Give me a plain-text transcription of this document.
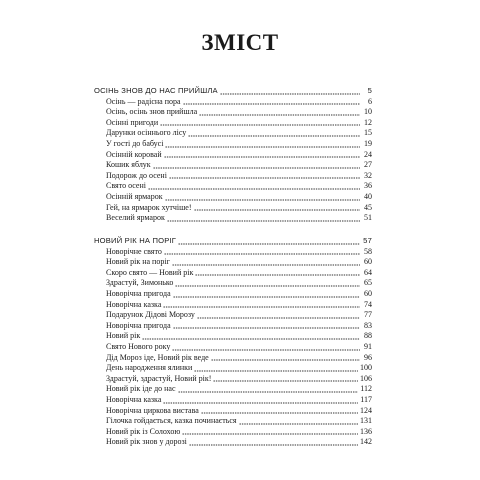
ЗМІСТ
ОСІНЬ ЗНОВ ДО НАС ПРИЙШЛА	5
Осінь — радісна пора	6
Осінь, осінь знов прийшла	10
Осінні пригоди	12
Дарунки осіннього лісу	15
У гості до бабусі	19
Осінній коровай	24
Кошик яблук	27
Подорож до осені	32
Свято осені	36
Осінній ярмарок	40
Гей, на ярмарок хутчіше!	45
Веселий ярмарок	51
НОВИЙ РІК НА ПОРІГ	57
Новорічне свято	58
Новий рік на поріг	60
Скоро свято — Новий рік	64
Здрастуй, Зимонько	65
Новорічна пригода	60
Новорічна казка	74
Подарунок Дідові Морозу	77
Новорічна пригода	83
Новий рік	88
Свято Нового року	91
Дід Мороз іде, Новий рік веде	96
День народження ялинки	100
Здрастуй, здрастуй, Новий рік!	106
Новий рік іде до нас	112
Новорічна казка	117
Новорічна циркова вистава	124
Гілочка гойдається, казка починається	131
Новий рік із Солохою	136
Новий рік знов у дорозі	142
